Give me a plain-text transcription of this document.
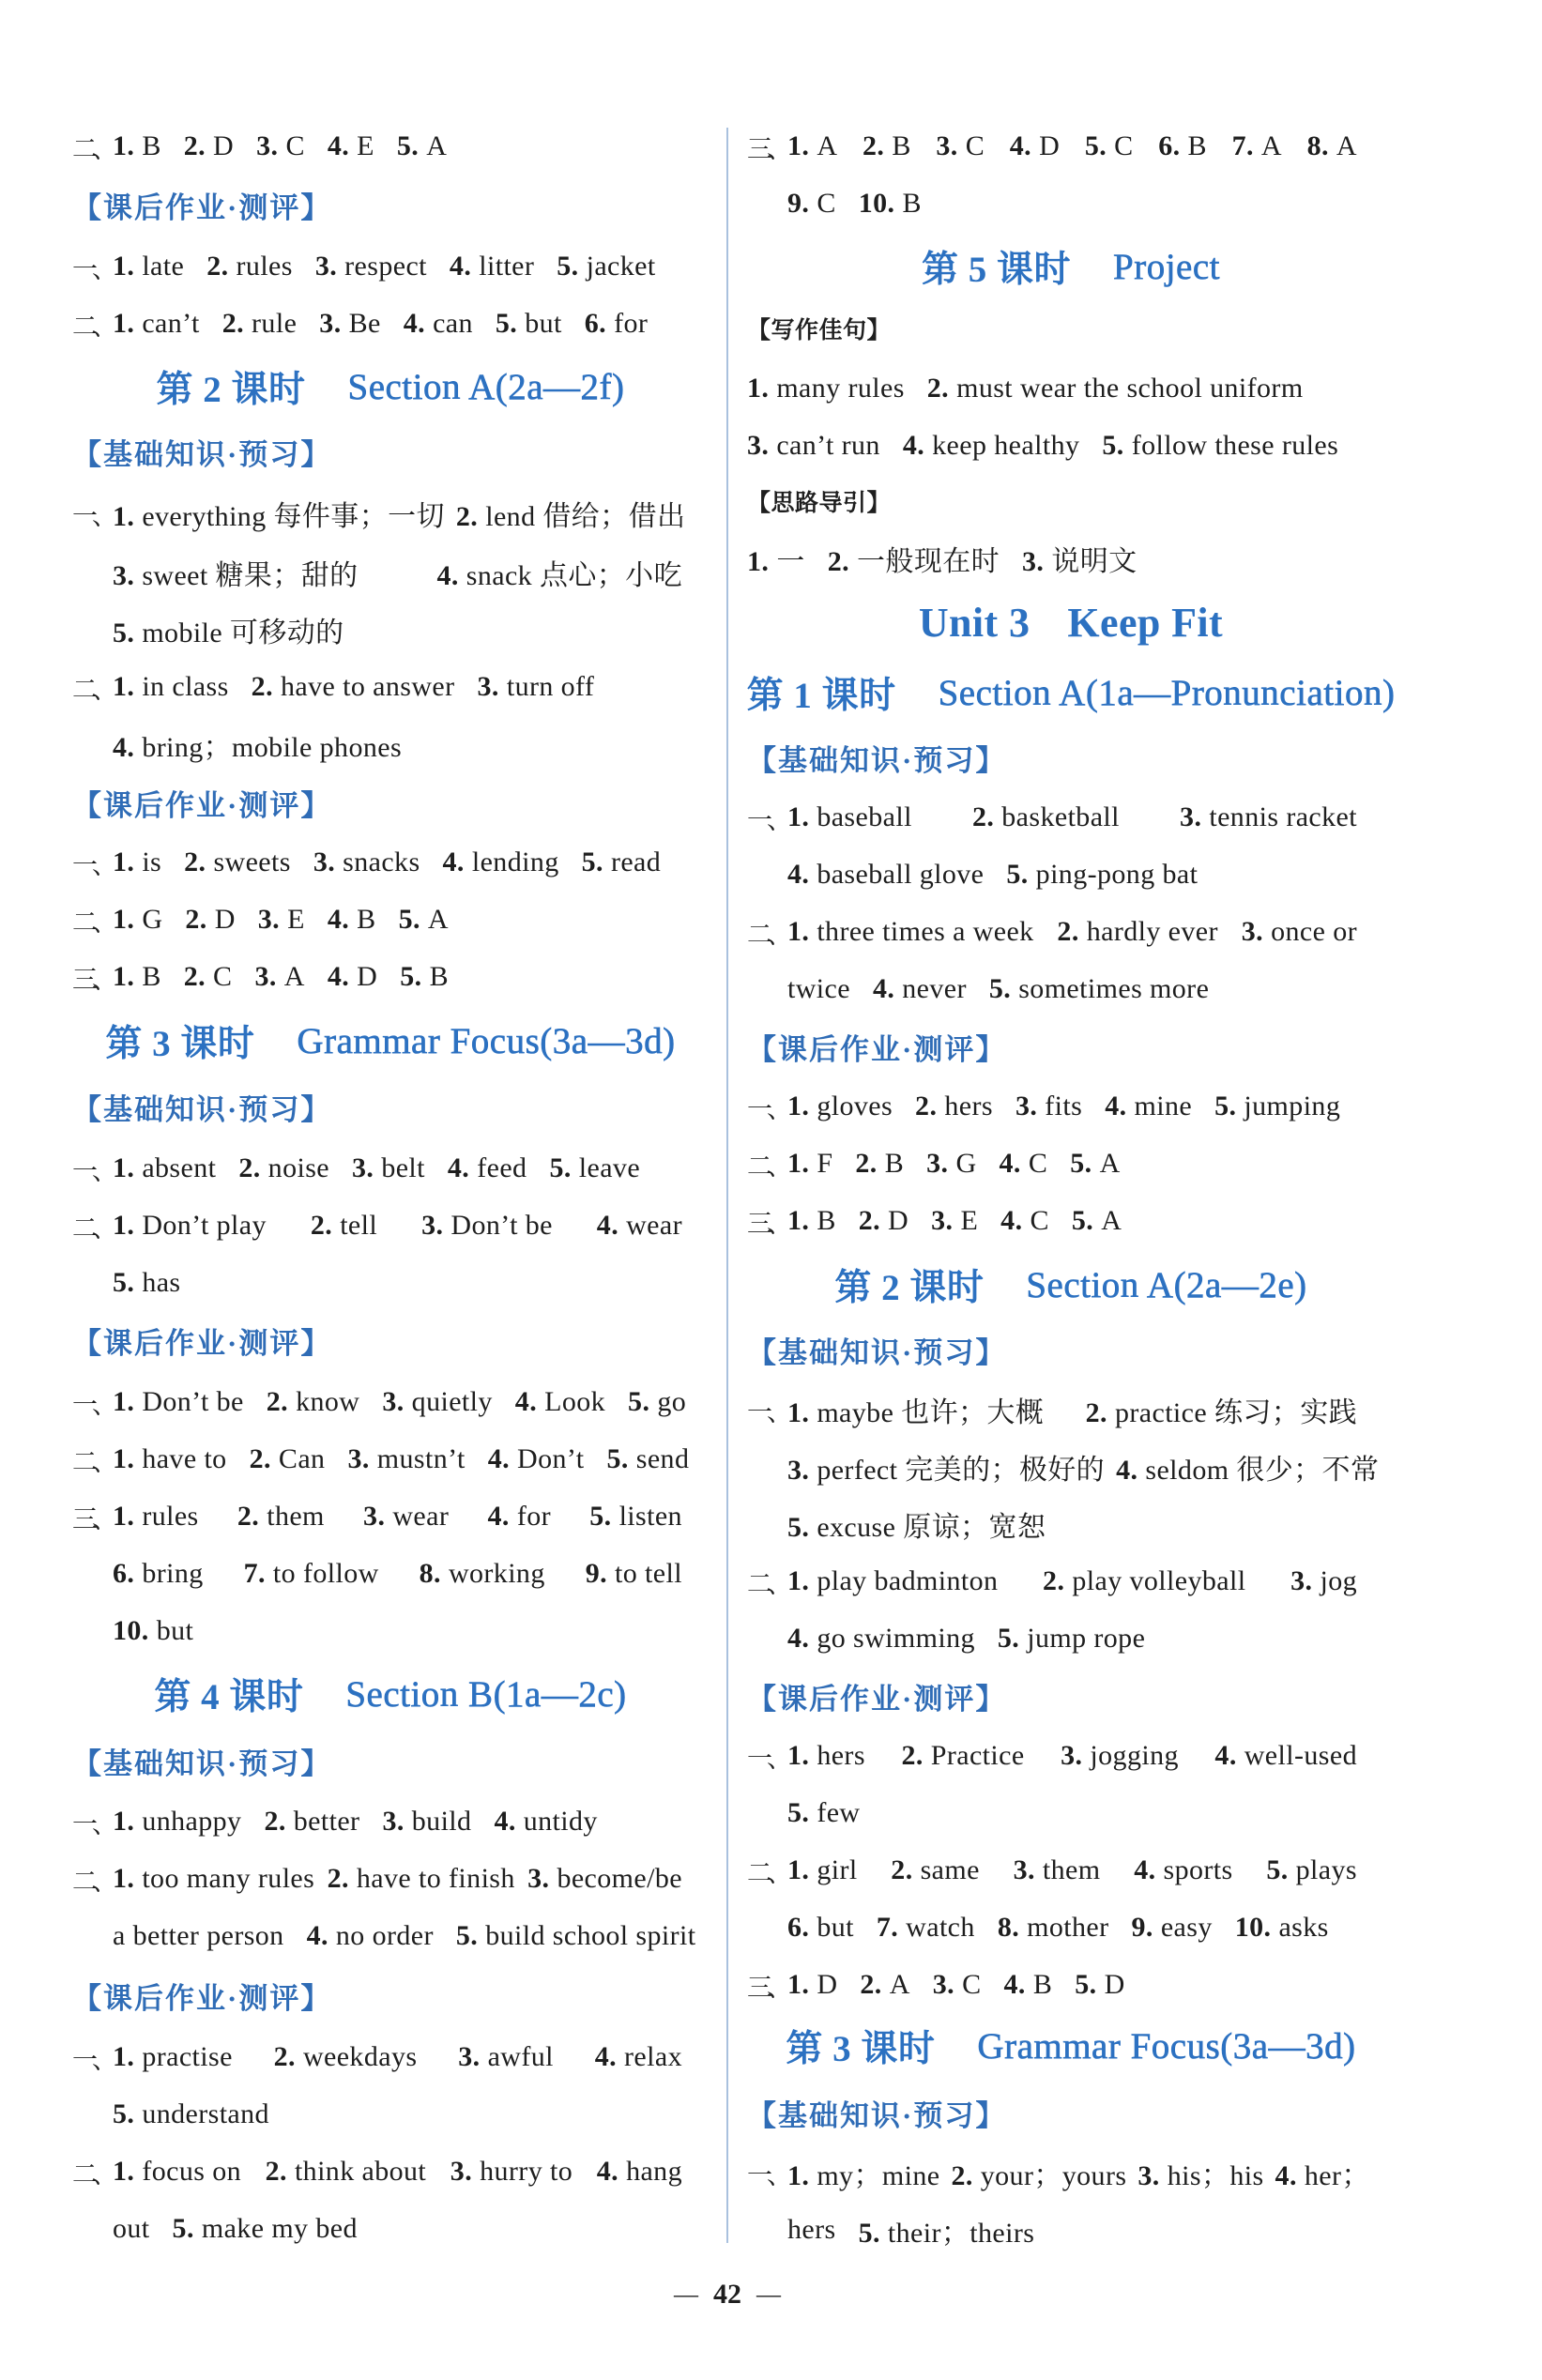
二、 1. B 2. D 3. C 4. E 5. A
【课后作业·测评】
一、 1. late 2. rules 3. respect 4. litter 5. jacket
二、 1. can’t 2. rule 3. Be 4. can 5. but 6. for
第 2 课时 Section A(2a—2f)
【基础知识·预习】
一、 1. everything 每件事；一切 2. lend 借给；借出
3. sweet 糖果；甜的	4. snack 点心；小吃
5. mobile 可移动的
二、 1. in class 2. have to answer 3. turn off
4. bring；mobile phones
【课后作业·测评】
一、 1. is 2. sweets 3. snacks 4. lending 5. read
二、 1. G 2. D 3. E 4. B 5. A
三、 1. B 2. C 3. A 4. D 5. B
第 3 课时 Grammar Focus(3a—3d)
【基础知识·预习】
一、 1. absent 2. noise 3. belt 4. feed 5. leave
二、 1. Don’t play 2. tell 3. Don’t be 4. wear
5. has
【课后作业·测评】
一、 1. Don’t be 2. know 3. quietly 4. Look 5. go
二、 1. have to 2. Can 3. mustn’t 4. Don’t 5. send
三、 1. rules 2. them 3. wear 4. for 5. listen
6. bring 7. to follow 8. working 9. to tell
10. but
第 4 课时 Section B(1a—2c)
【基础知识·预习】
一、 1. unhappy 2. better 3. build 4. untidy
二、 1. too many rules 2. have to finish 3. become/be
a better person 4. no order 5. build school spirit
【课后作业·测评】
一、 1. practise 2. weekdays 3. awful 4. relax
5. understand
二、 1. focus on 2. think about 3. hurry to 4. hang
out 5. make my bed
三、 1. A 2. B 3. C 4. D 5. C 6. B 7. A 8. A
9. C 10. B
第 5 课时 Project
【写作佳句】
1. many rules 2. must wear the school uniform
3. can’t run 4. keep healthy 5. follow these rules
【思路导引】
1. 一 2. 一般现在时 3. 说明文
Unit 3 Keep Fit
第 1 课时 Section A(1a—Pronunciation)
【基础知识·预习】
一、 1. baseball 2. basketball 3. tennis racket
4. baseball glove 5. ping-pong bat
二、 1. three times a week 2. hardly ever 3. once or
twice 4. never 5. sometimes more
【课后作业·测评】
一、 1. gloves 2. hers 3. fits 4. mine 5. jumping
二、 1. F 2. B 3. G 4. C 5. A
三、 1. B 2. D 3. E 4. C 5. A
第 2 课时 Section A(2a—2e)
【基础知识·预习】
一、 1. maybe 也许；大概 2. practice 练习；实践
3. perfect 完美的；极好的 4. seldom 很少；不常
5. excuse 原谅；宽恕
二、 1. play badminton 2. play volleyball 3. jog
4. go swimming 5. jump rope
【课后作业·测评】
一、 1. hers 2. Practice 3. jogging 4. well-used
5. few
二、 1. girl 2. same 3. them 4. sports 5. plays
6. but 7. watch 8. mother 9. easy 10. asks
三、 1. D 2. A 3. C 4. B 5. D
第 3 课时 Grammar Focus(3a—3d)
【基础知识·预习】
一、 1. my；mine 2. your；yours 3. his；his 4. her；
hers 5. their；theirs
— 42 —
